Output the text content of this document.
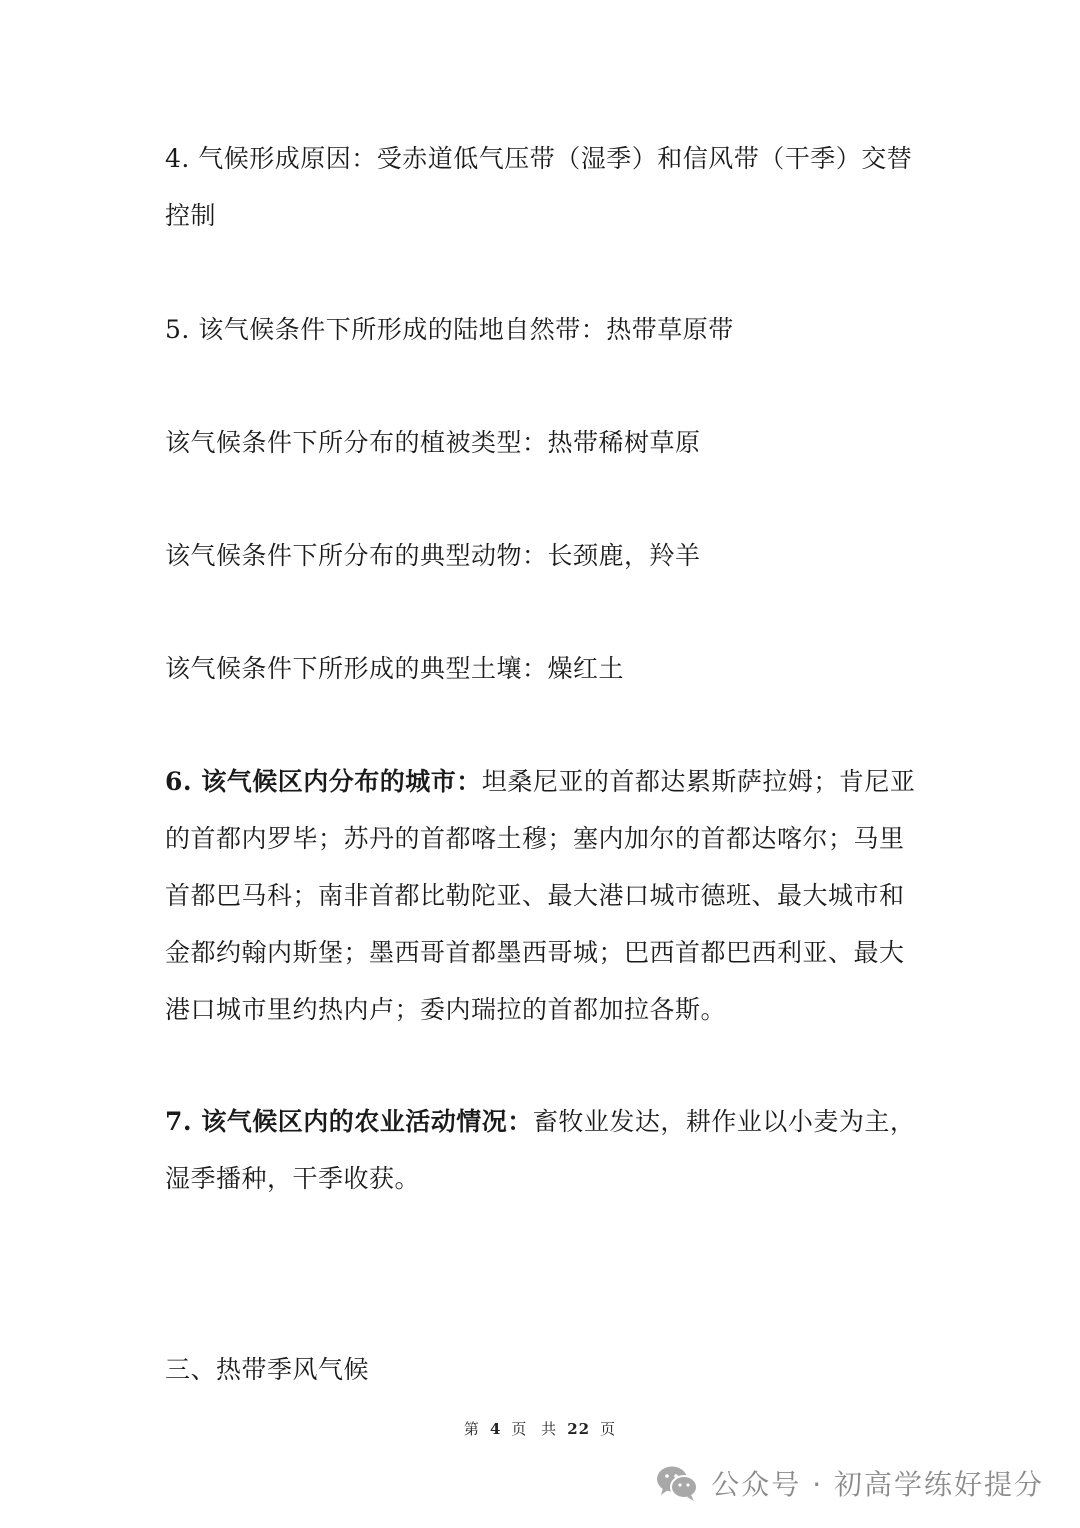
4. 气候形成原因：受赤道低气压带（湿季）和信风带（干季）交替控制

5. 该气候条件下所形成的陆地自然带：热带草原带

该气候条件下所分布的植被类型：热带稀树草原

该气候条件下所分布的典型动物：长颈鹿，羚羊

该气候条件下所形成的典型土壤：燥红土

6. 该气候区内分布的城市：坦桑尼亚的首都达累斯萨拉姆；肯尼亚的首都内罗毕；苏丹的首都喀土穆；塞内加尔的首都达喀尔；马里首都巴马科；南非首都比勒陀亚、最大港口城市德班、最大城市和金都约翰内斯堡；墨西哥首都墨西哥城；巴西首都巴西利亚、最大港口城市里约热内卢；委内瑞拉的首都加拉各斯。

7. 该气候区内的农业活动情况：畜牧业发达，耕作业以小麦为主，湿季播种，干季收获。

三、热带季风气候

第 4 页 共 22 页
公众号 · 初高学练好提分
